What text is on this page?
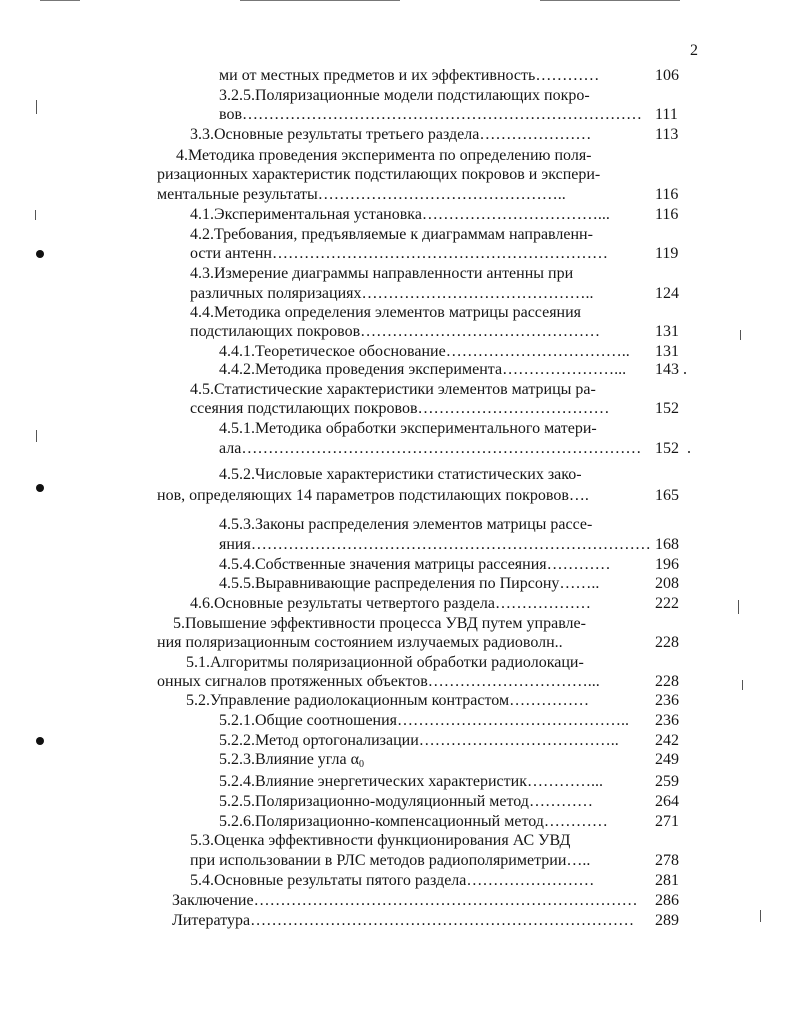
2
ми от местных предметов и их эффективность…………	106
3.2.5.Поляризационные модели подстилающих покро-
вов………………………………………………………………… 111
3.3.Основные результаты третьего раздела…………………	113
4.Методика проведения эксперимента по определению поля-
ризационных характеристик подстилающих покровов и экспери-
ментальные результаты………………………………………..	116
4.1.Экспериментальная установка……………………………...	116
4.2.Требования, предъявляемые к диаграммам направленн-
ости антенн………………………………………………………	119
4.3.Измерение диаграммы направленности антенны при
различных поляризациях……………………………………..	124
4.4.Методика определения элементов матрицы рассеяния
подстилающих покровов………………………………………	131
4.4.1.Теоретическое обоснование…………………………….. 131
4.4.2.Методика проведения эксперимента…………………... 143
4.5.Статистические характеристики элементов матрицы ра-
ссеяния подстилающих покровов………………………………	152
4.5.1.Методика обработки экспериментального матери-
ала………………………………………………………………… 152
4.5.2.Числовые характеристики статистических зако-
нов, определяющих 14 параметров подстилающих покровов….	165
4.5.3.Законы распределения элементов матрицы рассе-
яния………………………………………………………………… 168
4.5.4.Собственные значения матрицы рассеяния…………	196
4.5.5.Выравнивающие распределения по Пирсону……..	208
4.6.Основные результаты четвертого раздела………………	222
5.Повышение эффективности процесса УВД путем управле-
ния поляризационным состоянием излучаемых радиоволн..	228
5.1.Алгоритмы поляризационной обработки радиолокаци-
онных сигналов протяженных объектов…………………………...	228
5.2.Управление радиолокационным контрастом……………	236
5.2.1.Общие соотношения…………………………………….. 236
5.2.2.Метод ортогонализации……………………………….. 242
5.2.3.Влияние угла $\alpha_0$	249
5.2.4.Влияние энергетических характеристик…………...	259
5.2.5.Поляризационно-модуляционный метод…………	264
5.2.6.Поляризационно-компенсационный метод…………	271
5.3.Оценка эффективности функционирования АС УВД
при использовании в РЛС методов радиополяриметрии…..	278
5.4.Основные результаты пятого раздела……………………	281
Заключение……………………………………………………………… 286
Литература……………………………………………………………… 289
